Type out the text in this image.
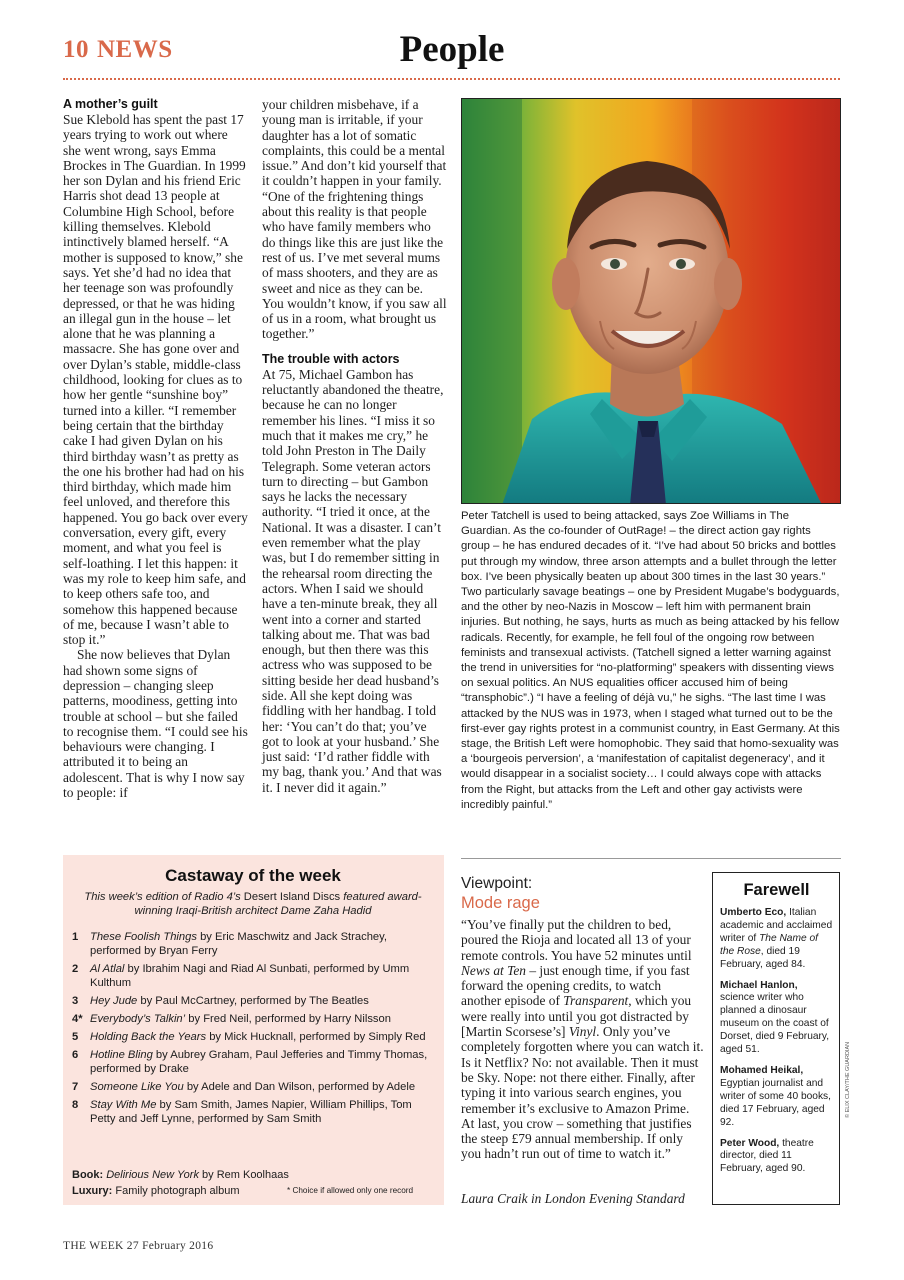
10 NEWS	People
A mother’s guilt

Sue Klebold has spent the past 17 years trying to work out where she went wrong, says Emma Brockes in The Guardian. In 1999 her son Dylan and his friend Eric Harris shot dead 13 people at Columbine High School, before killing themselves. Klebold intinctively blamed herself. “A mother is supposed to know,” she says. Yet she’d had no idea that her teenage son was profoundly depressed, or that he was hiding an illegal gun in the house – let alone that he was planning a massacre. She has gone over and over Dylan’s stable, middle-class childhood, looking for clues as to how her gentle “sunshine boy” turned into a killer. “I remember being certain that the birthday cake I had given Dylan on his third birthday wasn’t as pretty as the one his brother had had on his third birthday, which made him feel unloved, and therefore this happened. You go back over every conversation, every gift, every moment, and what you feel is self-loathing. I let this happen: it was my role to keep him safe, and to keep others safe too, and somehow this happened because of me, because I wasn’t able to stop it.”

She now believes that Dylan had shown some signs of depression – changing sleep patterns, moodiness, getting into trouble at school – but she failed to recognise them. “I could see his behaviours were changing. I attributed it to being an adolescent. That is why I now say to people: if

your children misbehave, if a young man is irritable, if your daughter has a lot of somatic complaints, this could be a mental issue.” And don’t kid yourself that it couldn’t happen in your family. “One of the frightening things about this reality is that people who have family members who do things like this are just like the rest of us. I’ve met several mums of mass shooters, and they are as sweet and nice as they can be. You wouldn’t know, if you saw all of us in a room, what brought us together.”

The trouble with actors

At 75, Michael Gambon has reluctantly abandoned the theatre, because he can no longer remember his lines. “I miss it so much that it makes me cry,” he told John Preston in The Daily Telegraph. Some veteran actors turn to directing – but Gambon says he lacks the necessary authority. “I tried it once, at the National. It was a disaster. I can’t even remember what the play was, but I do remember sitting in the rehearsal room directing the actors. When I said we should have a ten-minute break, they all went into a corner and started talking about me. That was bad enough, but then there was this actress who was supposed to be sitting beside her dead husband’s side. All she kept doing was fiddling with her handbag. I told her: ‘You can’t do that; you’ve got to look at your husband.’ She just said: ‘I’d rather fiddle with my bag, thank you.’ And that was it. I never did it again.”

Peter Tatchell is used to being attacked, says Zoe Williams in The Guardian. As the co-founder of OutRage! – the direct action gay rights group – he has endured decades of it. “I’ve had about 50 bricks and bottles put through my window, three arson attempts and a bullet through the letter box. I’ve been physically beaten up about 300 times in the last 30 years.” Two particularly savage beatings – one by President Mugabe’s bodyguards, and the other by neo-Nazis in Moscow – left him with permanent brain injuries. But nothing, he says, hurts as much as being attacked by his fellow radicals. Recently, for example, he fell foul of the ongoing row between feminists and transexual activists. (Tatchell signed a letter warning against the trend in universities for “no-platforming” speakers with dissenting views on sexual politics. An NUS equalities officer accused him of being “transphobic”.) “I have a feeling of déjà vu,” he sighs. “The last time I was attacked by the NUS was in 1973, when I staged what turned out to be the first-ever gay rights protest in a communist country, in East Germany. At this stage, the British Left were homophobic. They said that homo-sexuality was a ‘bourgeois perversion’, a ‘manifestation of capitalist degeneracy’, and it would disappear in a socialist society… I could always cope with attacks from the Right, but attacks from the Left and other gay activists were incredibly painful.”
Castaway of the week
This week’s edition of Radio 4’s Desert Island Discs featured award-winning Iraqi-British architect Dame Zaha Hadid
1 These Foolish Things by Eric Maschwitz and Jack Strachey, performed by Bryan Ferry
2 Al Atlal by Ibrahim Nagi and Riad Al Sunbati, performed by Umm Kulthum
3 Hey Jude by Paul McCartney, performed by The Beatles
4* Everybody’s Talkin’ by Fred Neil, performed by Harry Nilsson
5 Holding Back the Years by Mick Hucknall, performed by Simply Red
6 Hotline Bling by Aubrey Graham, Paul Jefferies and Timmy Thomas, performed by Drake
7 Someone Like You by Adele and Dan Wilson, performed by Adele
8 Stay With Me by Sam Smith, James Napier, William Phillips, Tom Petty and Jeff Lynne, performed by Sam Smith
Book: Delirious New York by Rem Koolhaas
Luxury: Family photograph album	* Choice if allowed only one record
Viewpoint:
Mode rage
“You’ve finally put the children to bed, poured the Rioja and located all 13 of your remote controls. You have 52 minutes until News at Ten – just enough time, if you fast forward the opening credits, to watch another episode of Transparent, which you were really into until you got distracted by [Martin Scorsese’s] Vinyl. Only you’ve completely forgotten where you can watch it. Is it Netflix? No: not available. Then it must be Sky. Nope: not there either. Finally, after typing it into various search engines, you remember it’s exclusive to Amazon Prime. At last, you crow – something that justifies the steep £79 annual membership. If only you hadn’t run out of time to watch it.”
Laura Craik in London Evening Standard
Farewell
Umberto Eco, Italian academic and acclaimed writer of The Name of the Rose, died 19 February, aged 84.
Michael Hanlon, science writer who planned a dinosaur museum on the coast of Dorset, died 9 February, aged 51.
Mohamed Heikal, Egyptian journalist and writer of some 40 books, died 17 February, aged 92.
Peter Wood, theatre director, died 11 February, aged 90.
© ELIX CLAY/THE GUARDIAN
THE WEEK 27 February 2016
